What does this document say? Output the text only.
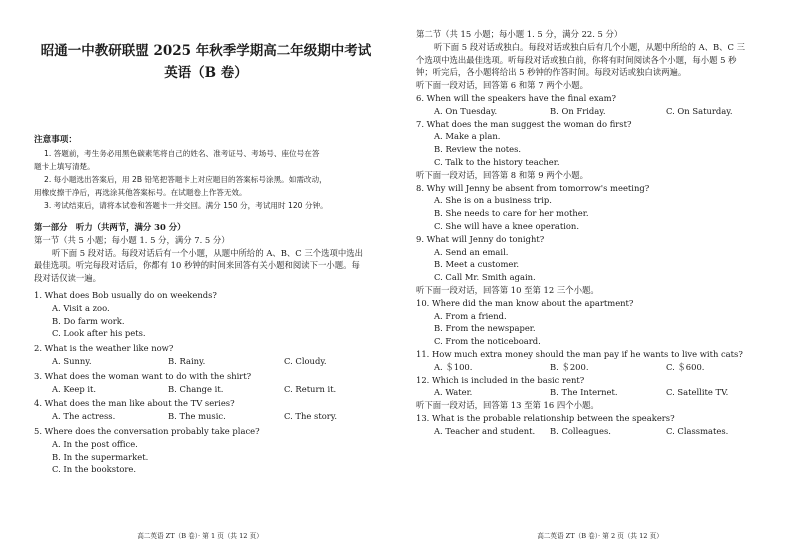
昭通一中教研联盟 2025 年秋季学期高二年级期中考试
英语（B 卷）

注意事项：

1. 答题前，考生务必用黑色碳素笔将自己的姓名、准考证号、考场号、座位号在答

题卡上填写清楚。

2. 每小题选出答案后，用 2B 铅笔把答题卡上对应题目的答案标号涂黑。如需改动，

用橡皮擦干净后，再选涂其他答案标号。在试题卷上作答无效。

3. 考试结束后，请将本试卷和答题卡一并交回。满分 150 分，考试用时 120 分钟。

第一部分　听力（共两节，满分 30 分）

第一节（共 5 小题；每小题 1. 5 分，满分 7. 5 分）

听下面 5 段对话。每段对话后有一个小题，从题中所给的 A、B、C 三个选项中选出

最佳选项。听完每段对话后，你都有 10 秒钟的时间来回答有关小题和阅读下一小题。每

段对话仅读一遍。

1. What does Bob usually do on weekends?

A. Visit a zoo.

B. Do farm work.

C. Look after his pets.

2. What is the weather like now?

A. Sunny.	B. Rainy.	C. Cloudy.

3. What does the woman want to do with the shirt?

A. Keep it.	B. Change it.	C. Return it.

4. What does the man like about the TV series?

A. The actress.	B. The music.	C. The story.

5. Where does the conversation probably take place?

A. In the post office.

B. In the supermarket.

C. In the bookstore.

高二英语 ZT（B 卷）· 第 1 页（共 12 页）

第二节（共 15 小题；每小题 1. 5 分，满分 22. 5 分）

听下面 5 段对话或独白。每段对话或独白后有几个小题，从题中所给的 A、B、C 三

个选项中选出最佳选项。听每段对话或独白前，你将有时间阅读各个小题，每小题 5 秒

钟；听完后，各小题将给出 5 秒钟的作答时间。每段对话或独白读两遍。

听下面一段对话，回答第 6 和第 7 两个小题。

6. When will the speakers have the final exam?

A. On Tuesday.	B. On Friday.	C. On Saturday.

7. What does the man suggest the woman do first?

A. Make a plan.

B. Review the notes.

C. Talk to the history teacher.

听下面一段对话，回答第 8 和第 9 两个小题。

8. Why will Jenny be absent from tomorrow's meeting?

A. She is on a business trip.

B. She needs to care for her mother.

C. She will have a knee operation.

9. What will Jenny do tonight?

A. Send an email.

B. Meet a customer.

C. Call Mr. Smith again.

听下面一段对话，回答第 10 至第 12 三个小题。

10. Where did the man know about the apartment?

A. From a friend.

B. From the newspaper.

C. From the noticeboard.

11. How much extra money should the man pay if he wants to live with cats?

A. ＄100.	B. ＄200.	C. ＄600.

12. Which is included in the basic rent?

A. Water.	B. The Internet.	C. Satellite TV.

听下面一段对话，回答第 13 至第 16 四个小题。

13. What is the probable relationship between the speakers?

A. Teacher and student.	B. Colleagues.	C. Classmates.
高二英语 ZT（B 卷）· 第 2 页（共 12 页）
